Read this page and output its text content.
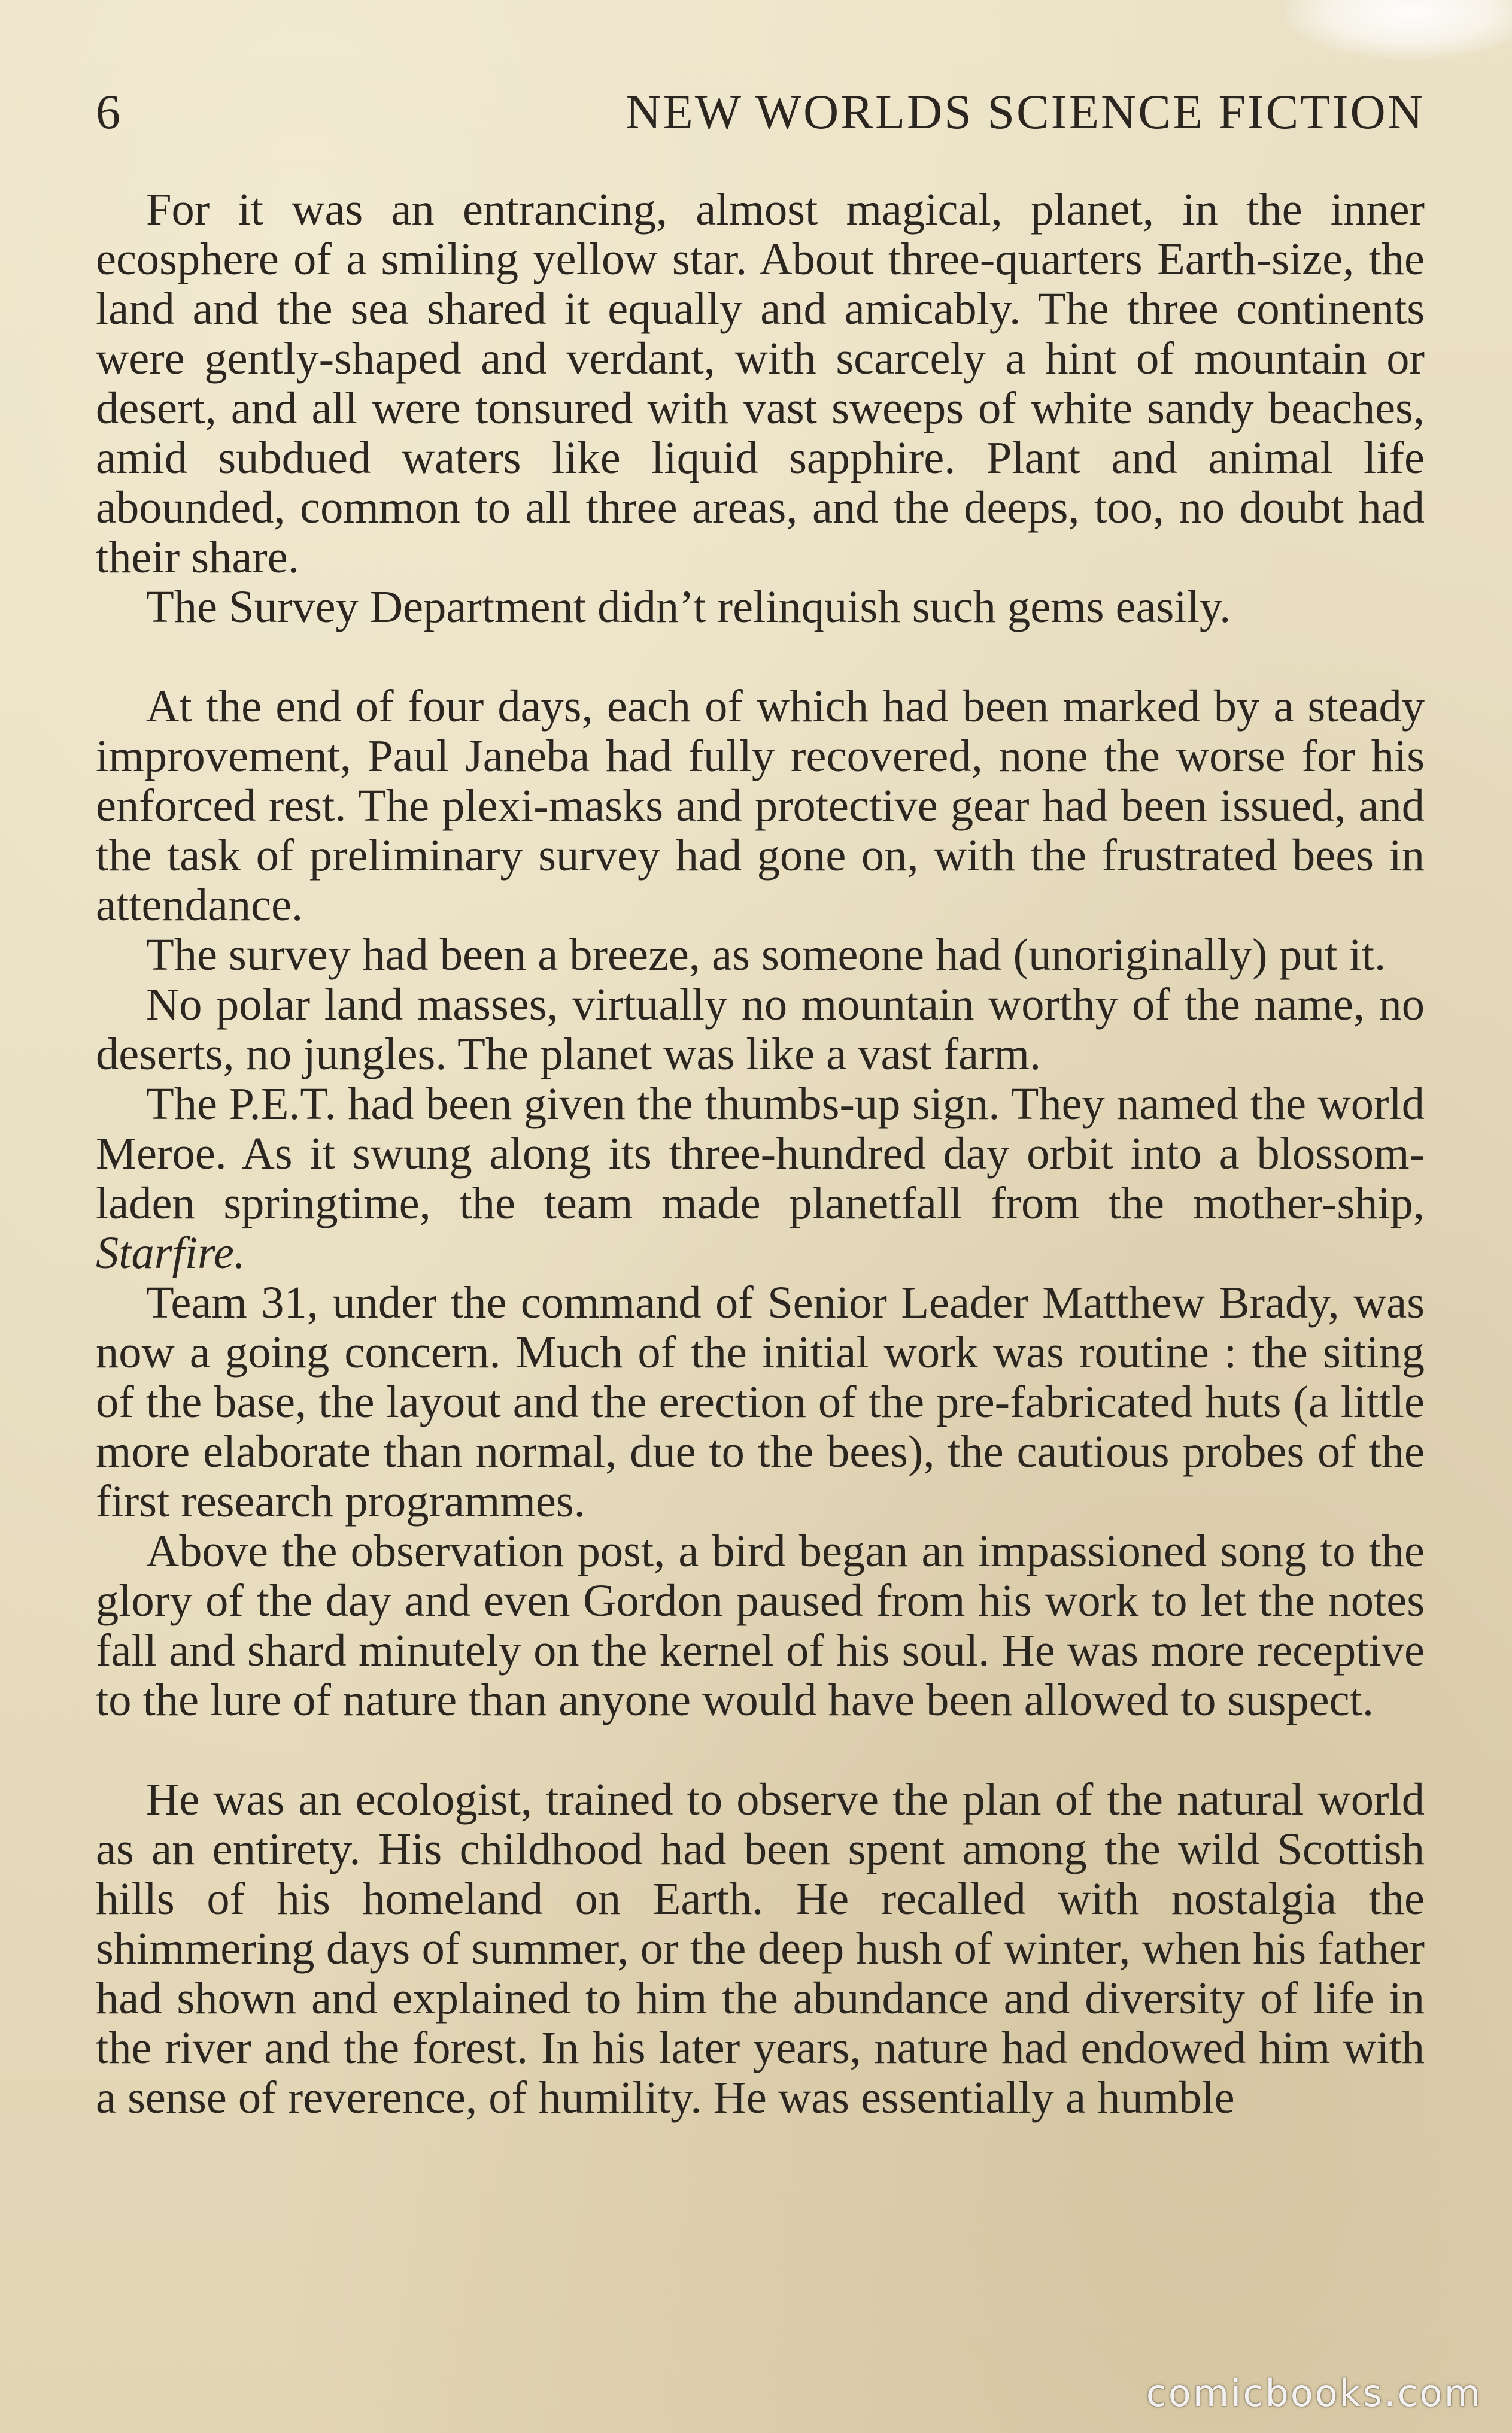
6	NEW WORLDS SCIENCE FICTION

For it was an entrancing, almost magical, planet, in the inner ecosphere of a smiling yellow star. About three-quarters Earth-size, the land and the sea shared it equally and amicably. The three continents were gently-shaped and verdant, with scarcely a hint of mountain or desert, and all were tonsured with vast sweeps of white sandy beaches, amid subdued waters like liquid sapphire. Plant and animal life abounded, common to all three areas, and the deeps, too, no doubt had their share.

The Survey Department didn’t relinquish such gems easily.

At the end of four days, each of which had been marked by a steady improvement, Paul Janeba had fully recovered, none the worse for his enforced rest. The plexi-masks and protective gear had been issued, and the task of preliminary survey had gone on, with the frustrated bees in attendance.

The survey had been a breeze, as someone had (unoriginally) put it.

No polar land masses, virtually no mountain worthy of the name, no deserts, no jungles. The planet was like a vast farm.

The P.E.T. had been given the thumbs-up sign. They named the world Meroe. As it swung along its three-hundred day orbit into a blossom-laden springtime, the team made planetfall from the mother-ship, Starfire.

Team 31, under the command of Senior Leader Matthew Brady, was now a going concern. Much of the initial work was routine : the siting of the base, the layout and the erection of the pre-fabricated huts (a little more elaborate than normal, due to the bees), the cautious probes of the first research programmes.

Above the observation post, a bird began an impassioned song to the glory of the day and even Gordon paused from his work to let the notes fall and shard minutely on the kernel of his soul. He was more receptive to the lure of nature than anyone would have been allowed to suspect.

He was an ecologist, trained to observe the plan of the natural world as an entirety. His childhood had been spent among the wild Scottish hills of his homeland on Earth. He recalled with nostalgia the shimmering days of summer, or the deep hush of winter, when his father had shown and explained to him the abundance and diversity of life in the river and the forest. In his later years, nature had endowed him with a sense of reverence, of humility. He was essentially a humble

comicbooks.com
